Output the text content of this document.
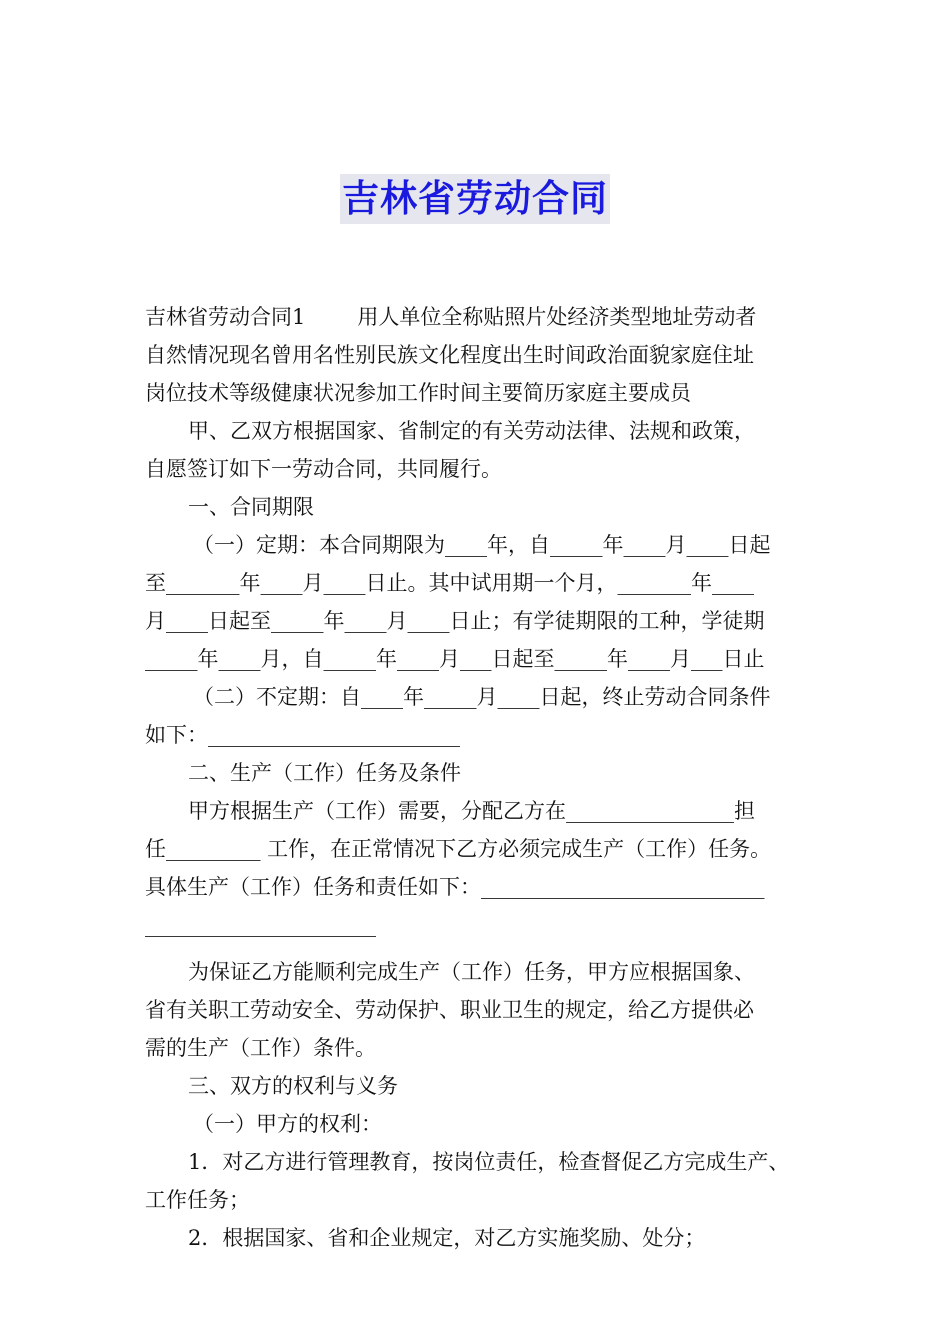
吉林省劳动合同

吉林省劳动合同1 用人单位全称贴照片处经济类型地址劳动者

自然情况现名曾用名性别民族文化程度出生时间政治面貌家庭住址

岗位技术等级健康状况参加工作时间主要简历家庭主要成员

甲、乙双方根据国家、省制定的有关劳动法律、法规和政策，

自愿签订如下一劳动合同，共同履行。

一、合同期限

（一）定期：本合同期限为____年，自_____年____月____日起

至_______年____月____日止。其中试用期一个月，_______年____

月____日起至_____年____月____日止；有学徒期限的工种，学徒期

_____年____月，自_____年____月___日起至_____年____月___日止

（二）不定期：自____年_____月____日起，终止劳动合同条件

如下：________________________

二、生产（工作）任务及条件

甲方根据生产（工作）需要，分配乙方在________________担

任_________ 工作，在正常情况下乙方必须完成生产（工作）任务。

具体生产（工作）任务和责任如下：___________________________

______________________

为保证乙方能顺利完成生产（工作）任务，甲方应根据国象、

省有关职工劳动安全、劳动保护、职业卫生的规定，给乙方提供必

需的生产（工作）条件。

三、双方的权利与义务

（一）甲方的权利：

1．对乙方进行管理教育，按岗位责任，检查督促乙方完成生产、

工作任务；

2．根据国家、省和企业规定，对乙方实施奖励、处分；
